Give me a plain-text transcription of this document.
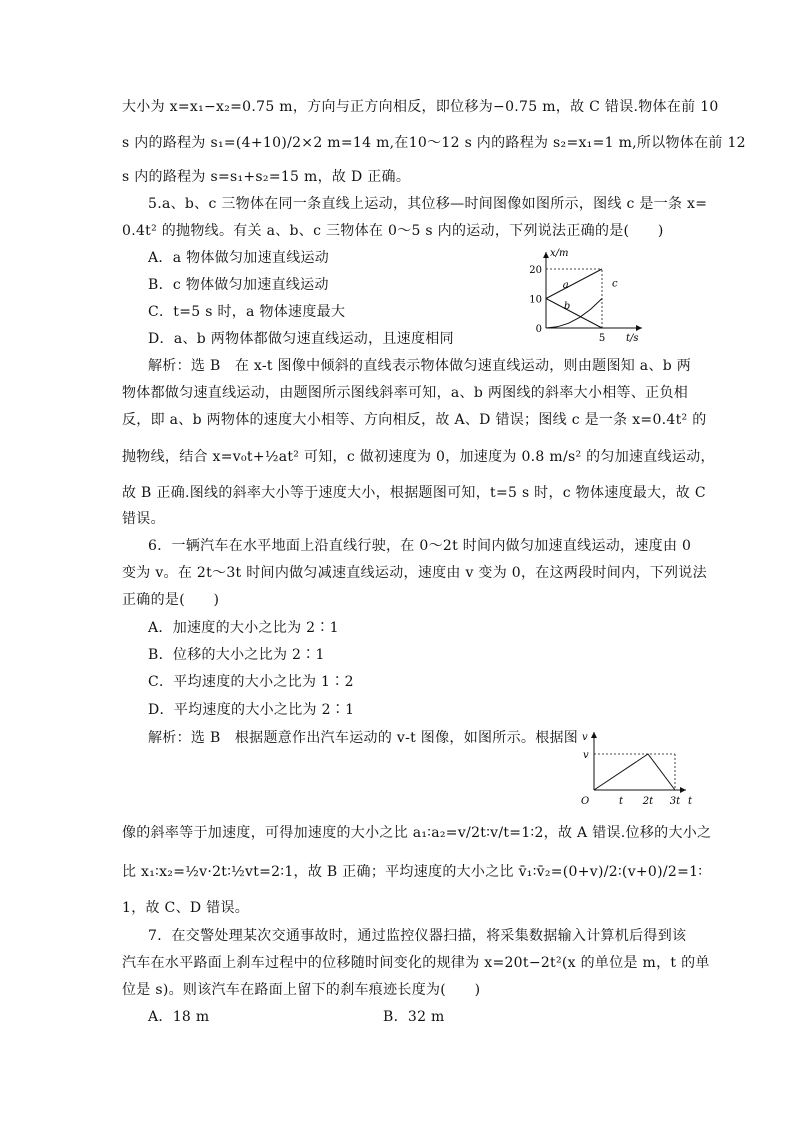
大小为 x=x₁−x₂=0.75 m，方向与正方向相反，即位移为−0.75 m，故 C 错误.物体在前 10
s 内的路程为 s₁=(4+10)/2×2 m=14 m,在10～12 s 内的路程为 s₂=x₁=1 m,所以物体在前 12
s 内的路程为 s=s₁+s₂=15 m，故 D 正确。
5.a、b、c 三物体在同一条直线上运动，其位移—时间图像如图所示，图线 c 是一条 x=
0.4t² 的抛物线。有关 a、b、c 三物体在 0～5 s 内的运动，下列说法正确的是(　　)
A．a 物体做匀加速直线运动
B．c 物体做匀加速直线运动
C．t=5 s 时，a 物体速度最大
D．a、b 两物体都做匀速直线运动，且速度相同
解析：选 B　在 x-t 图像中倾斜的直线表示物体做匀速直线运动，则由题图知 a、b 两
物体都做匀速直线运动，由题图所示图线斜率可知，a、b 两图线的斜率大小相等、正负相
反，即 a、b 两物体的速度大小相等、方向相反，故 A、D 错误；图线 c 是一条 x=0.4t² 的
抛物线，结合 x=v₀t+½at² 可知，c 做初速度为 0，加速度为 0.8 m/s² 的匀加速直线运动，
故 B 正确.图线的斜率大小等于速度大小，根据题图可知，t=5 s 时，c 物体速度最大，故 C
错误。
6．一辆汽车在水平地面上沿直线行驶，在 0～2t 时间内做匀加速直线运动，速度由 0
变为 v。在 2t～3t 时间内做匀减速直线运动，速度由 v 变为 0，在这两段时间内，下列说法
正确的是(　　)
A．加速度的大小之比为 2∶1
B．位移的大小之比为 2∶1
C．平均速度的大小之比为 1∶2
D．平均速度的大小之比为 2∶1
解析：选 B　根据题意作出汽车运动的 v-t 图像，如图所示。根据图
像的斜率等于加速度，可得加速度的大小之比 a₁∶a₂=v/2t∶v/t=1∶2，故 A 错误.位移的大小之
比 x₁∶x₂=½v·2t∶½vt=2∶1，故 B 正确；平均速度的大小之比 v̄₁∶v̄₂=(0+v)/2∶(v+0)/2=1∶
1，故 C、D 错误。
7．在交警处理某次交通事故时，通过监控仪器扫描，将采集数据输入计算机后得到该
汽车在水平路面上刹车过程中的位移随时间变化的规律为 x=20t−2t²(x 的单位是 m，t 的单
位是 s)。则该汽车在路面上留下的刹车痕迹长度为(　　)
A．18 m	B．32 m
x/m
t/s
0
10
20
5
a
b
c
v
t
O
v
t 2t 3t
